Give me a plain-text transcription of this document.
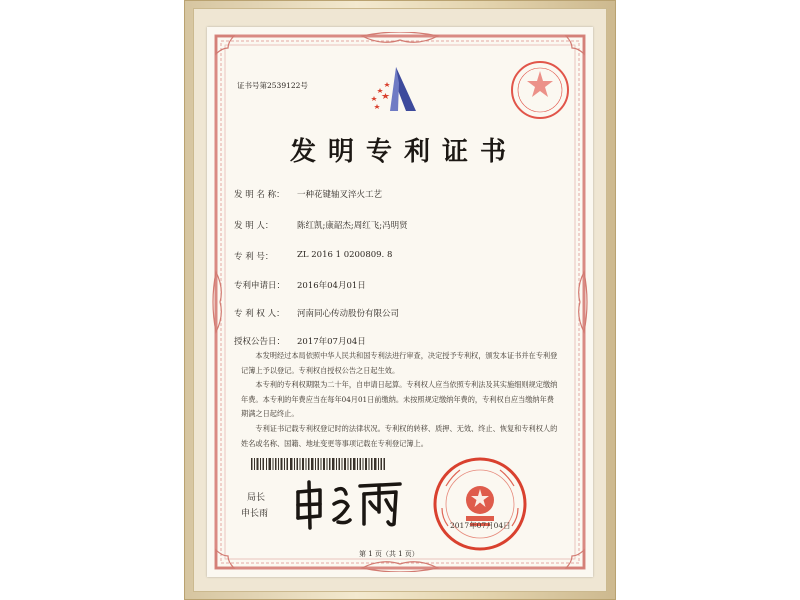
证书号第2539122号
发明专利证书
发 明 名 称： 一种花键轴叉淬火工艺
发 明 人：	陈红凯;康韶杰;周红飞;冯明贤
专 利 号：	ZL 2016 1 0200809. 8
专利申请日： 2016年04月01日
专 利 权 人： 河南同心传动股份有限公司
授权公告日： 2017年07月04日

本发明经过本局依照中华人民共和国专利法进行审查，决定授予专利权，颁发本证书并在专利登记簿上予以登记。专利权自授权公告之日起生效。

本专利的专利权期限为二十年，自申请日起算。专利权人应当依照专利法及其实施细则规定缴纳年费。本专利的年费应当在每年04月01日前缴纳。未按照规定缴纳年费的，专利权自应当缴纳年费期满之日起终止。

专利证书记载专利权登记时的法律状况。专利权的转移、质押、无效、终止、恢复和专利权人的姓名或名称、国籍、地址变更等事项记载在专利登记簿上。

局长
申长雨
2017年07月04日
第 1 页（共 1 页）
